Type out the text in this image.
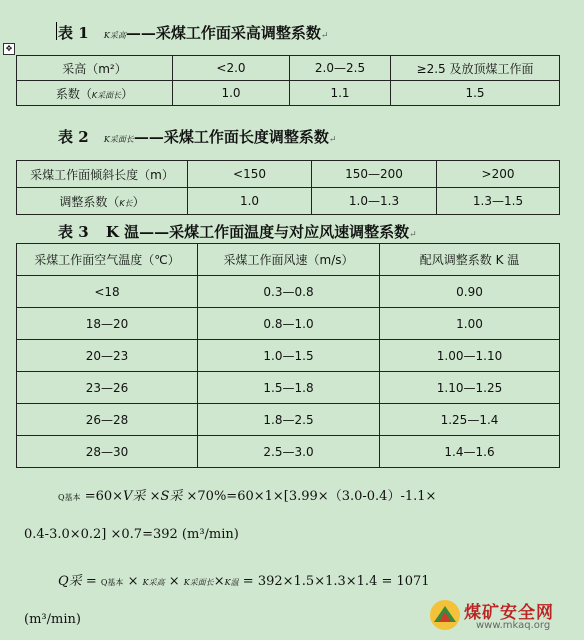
✥
表 1 K采高——采煤工作面采高调整系数↵
采高（m²）	<2.0	2.0—2.5	≥2.5 及放顶煤工作面
系数（K采面长）	1.0	1.1	1.5
表 2 K采面长——采煤工作面长度调整系数↵
采煤工作面倾斜长度（m）	<150	150—200	>200
调整系数（K长）	1.0	1.0—1.3	1.3—1.5
表 3 K 温——采煤工作面温度与对应风速调整系数↵
采煤工作面空气温度（℃）	采煤工作面风速（m/s）	配风调整系数 K 温
<18	0.3—0.8	0.90
18—20	0.8—1.0	1.00
20—23	1.0—1.5	1.00—1.10
23—26	1.5—1.8	1.10—1.25
26—28	1.8—2.5	1.25—1.4
28—30	2.5—3.0	1.4—1.6
Q基本 =60×V采 ×S采 ×70%=60×1×[3.99×（3.0-0.4）-1.1×
0.4-3.0×0.2] ×0.7=392 (m³/min)
Q采 = Q基本 × K采高 × K采面长×K温 = 392×1.5×1.3×1.4 = 1071
(m³/min)	煤矿安全网
www.mkaq.org
